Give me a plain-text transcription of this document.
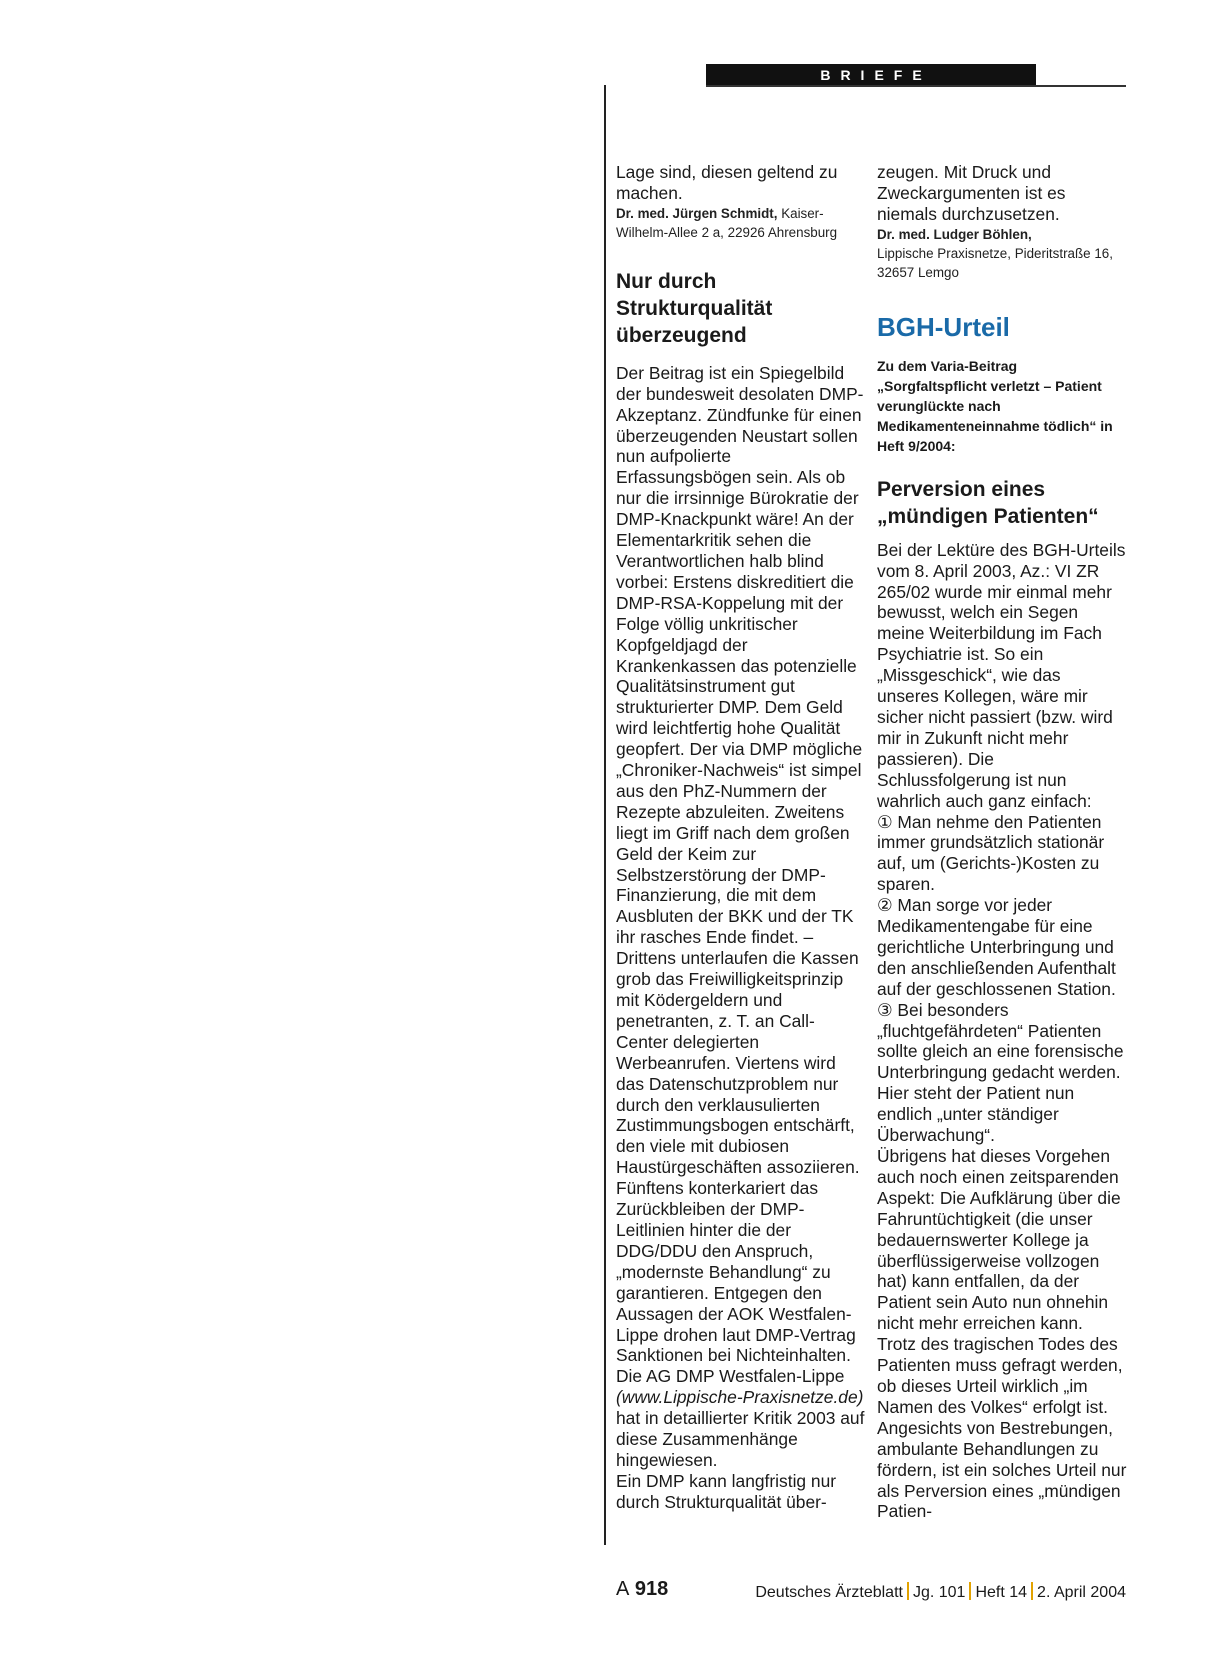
BRIEFE

Lage sind, diesen geltend zu machen.

Dr. med. Jürgen Schmidt, Kaiser-Wilhelm-Allee 2 a, 22926 Ahrensburg

Nur durch Strukturqualität überzeugend

Der Beitrag ist ein Spiegelbild der bundesweit desolaten DMP-Akzeptanz. Zündfunke für einen überzeugenden Neustart sollen nun aufpolierte Erfassungsbögen sein. Als ob nur die irrsinnige Bürokratie der DMP-Knackpunkt wäre! An der Elementarkritik sehen die Verantwortlichen halb blind vorbei: Erstens diskreditiert die DMP-RSA-Koppelung mit der Folge völlig unkritischer Kopfgeldjagd der Krankenkassen das potenzielle Qualitätsinstrument gut strukturierter DMP. Dem Geld wird leichtfertig hohe Qualität geopfert. Der via DMP mögliche „Chroniker-Nachweis“ ist simpel aus den PhZ-Nummern der Rezepte abzuleiten. Zweitens liegt im Griff nach dem großen Geld der Keim zur Selbstzerstörung der DMP-Finanzierung, die mit dem Ausbluten der BKK und der TK ihr rasches Ende findet. – Drittens unterlaufen die Kassen grob das Freiwilligkeitsprinzip mit Ködergeldern und penetranten, z. T. an Call-Center delegierten Werbeanrufen. Viertens wird das Datenschutzproblem nur durch den verklausulierten Zustimmungsbogen entschärft, den viele mit dubiosen Haustürgeschäften assoziieren. Fünftens konterkariert das Zurückbleiben der DMP-Leitlinien hinter die der DDG/DDU den Anspruch, „modernste Behandlung“ zu garantieren. Entgegen den Aussagen der AOK Westfalen-Lippe drohen laut DMP-Vertrag Sanktionen bei Nichteinhalten. Die AG DMP Westfalen-Lippe (www.Lippische-Praxisnetze.de) hat in detaillierter Kritik 2003 auf diese Zusammenhänge hingewiesen.

Ein DMP kann langfristig nur durch Strukturqualität über-

zeugen. Mit Druck und Zweckargumenten ist es niemals durchzusetzen.

Dr. med. Ludger Böhlen,
Lippische Praxisnetze, Pideritstraße 16, 32657 Lemgo

BGH-Urteil

Zu dem Varia-Beitrag „Sorgfaltspflicht verletzt – Patient verunglückte nach Medikamenteneinnahme tödlich“ in Heft 9/2004:

Perversion eines „mündigen Patienten“

Bei der Lektüre des BGH-Urteils vom 8. April 2003, Az.: VI ZR 265/02 wurde mir einmal mehr bewusst, welch ein Segen meine Weiterbildung im Fach Psychiatrie ist. So ein „Missgeschick“, wie das unseres Kollegen, wäre mir sicher nicht passiert (bzw. wird mir in Zukunft nicht mehr passieren). Die Schlussfolgerung ist nun wahrlich auch ganz einfach:

① Man nehme den Patienten immer grundsätzlich stationär auf, um (Gerichts-)Kosten zu sparen.

② Man sorge vor jeder Medikamentengabe für eine gerichtliche Unterbringung und den anschließenden Aufenthalt auf der geschlossenen Station.

③ Bei besonders „fluchtgefährdeten“ Patienten sollte gleich an eine forensische Unterbringung gedacht werden. Hier steht der Patient nun endlich „unter ständiger Überwachung“.

Übrigens hat dieses Vorgehen auch noch einen zeitsparenden Aspekt: Die Aufklärung über die Fahruntüchtigkeit (die unser bedauernswerter Kollege ja überflüssigerweise vollzogen hat) kann entfallen, da der Patient sein Auto nun ohnehin nicht mehr erreichen kann.

Trotz des tragischen Todes des Patienten muss gefragt werden, ob dieses Urteil wirklich „im Namen des Volkes“ erfolgt ist. Angesichts von Bestrebungen, ambulante Behandlungen zu fördern, ist ein solches Urteil nur als Perversion eines „mündigen Patien-

A 918	Deutsches Ärzteblatt Jg. 101 Heft 14 2. April 2004
